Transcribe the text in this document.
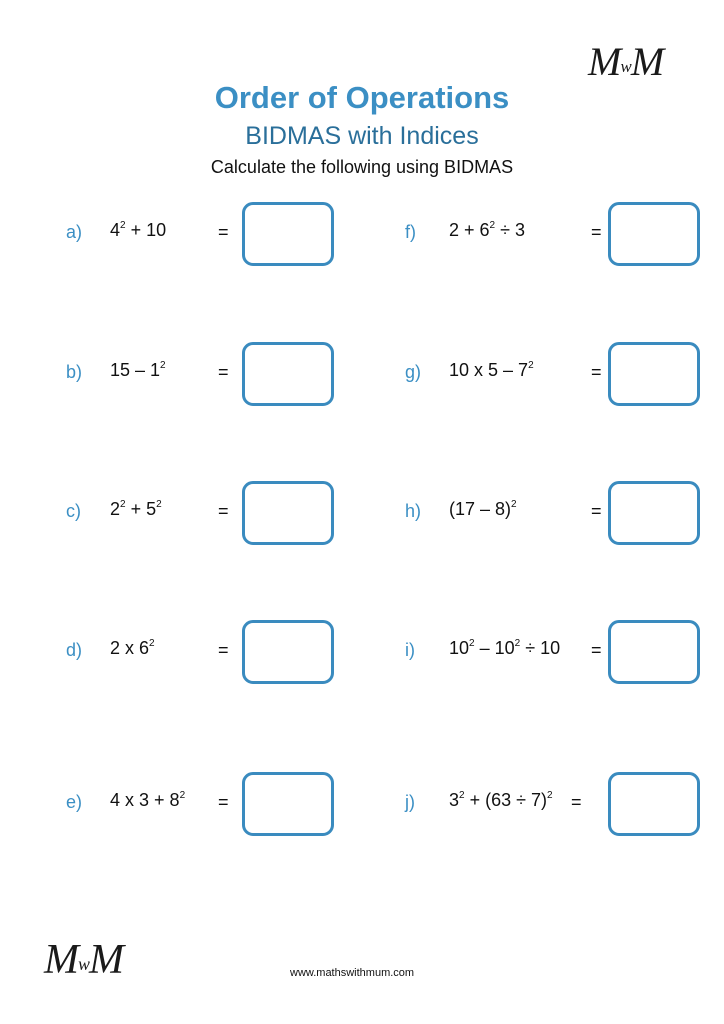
MwM
Order of Operations
BIDMAS with Indices
Calculate the following using BIDMAS
a) $4^2 + 10$	=
b) $15 - 1^2$	=
c) $2^2 + 5^2$	=
d) 2 x $6^2$	=
e) 4 x $3 + 8^2$ =
f) $2 + 6^2 \div 3$	=
g) 10 x $5 - 7^2$	=
h) (17 – 8)$^2$	=
i) $10^2 - 10^2 \div 10$ =
j) $3^2 + (63 \div 7)^2$ =
MwM	www.mathswithmum.com
